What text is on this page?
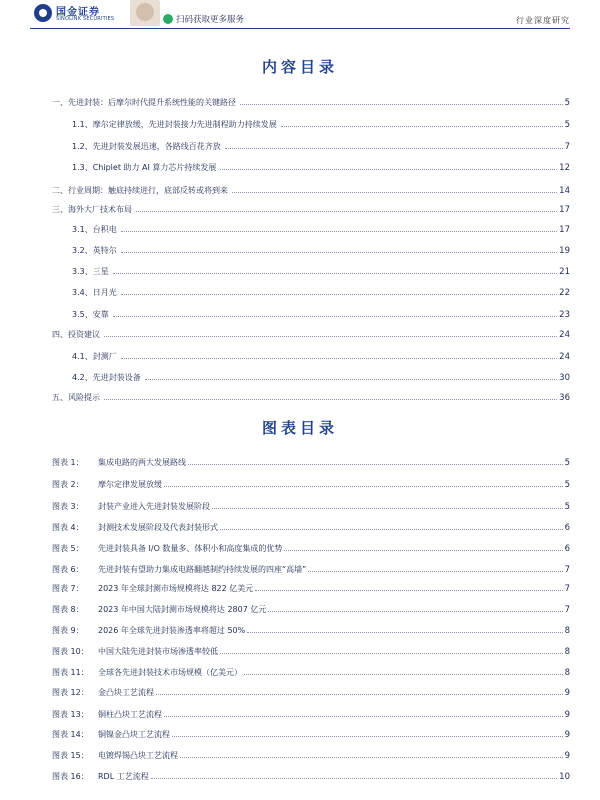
国金证券
SINOLINK SECURITIES	扫码获取更多服务	行业深度研究
内容目录
一、先进封装：后摩尔时代提升系统性能的关键路径	5
1.1、摩尔定律放缓，先进封装接力先进制程助力持续发展	5
1.2、先进封装发展迅速，各路线百花齐放	7
1.3、Chiplet 助力 AI 算力芯片持续发展	12
二、行业周期：触底持续进行，底部反转或将到来	14
三、海外大厂技术布局	17
3.1、台积电	17
3.2、英特尔	19
3.3、三星	21
3.4、日月光	22
3.5、安靠	23
四、投资建议	24
4.1、封测厂	24
4.2、先进封装设备	30
五、风险提示	36
图表目录
图表 1：	集成电路的两大发展路线	5
图表 2：	摩尔定律发展放缓	5
图表 3：	封装产业进入先进封装发展阶段	5
图表 4：	封测技术发展阶段及代表封装形式	6
图表 5：	先进封装具备 I/O 数量多、体积小和高度集成的优势	6
图表 6：	先进封装有望助力集成电路翻越制约持续发展的四座“高墙”	7
图表 7：	2023 年全球封测市场规模将达 822 亿美元	7
图表 8：	2023 年中国大陆封测市场规模将达 2807 亿元	7
图表 9：	2026 年全球先进封装渗透率将超过 50%	8
图表 10：	中国大陆先进封装市场渗透率较低	8
图表 11：	全球各先进封装技术市场规模（亿美元）	8
图表 12：	金凸块工艺流程	9
图表 13：	铜柱凸块工艺流程	9
图表 14：	铜镍金凸块工艺流程	9
图表 15：	电镀焊锡凸块工艺流程	9
图表 16：	RDL 工艺流程	10
